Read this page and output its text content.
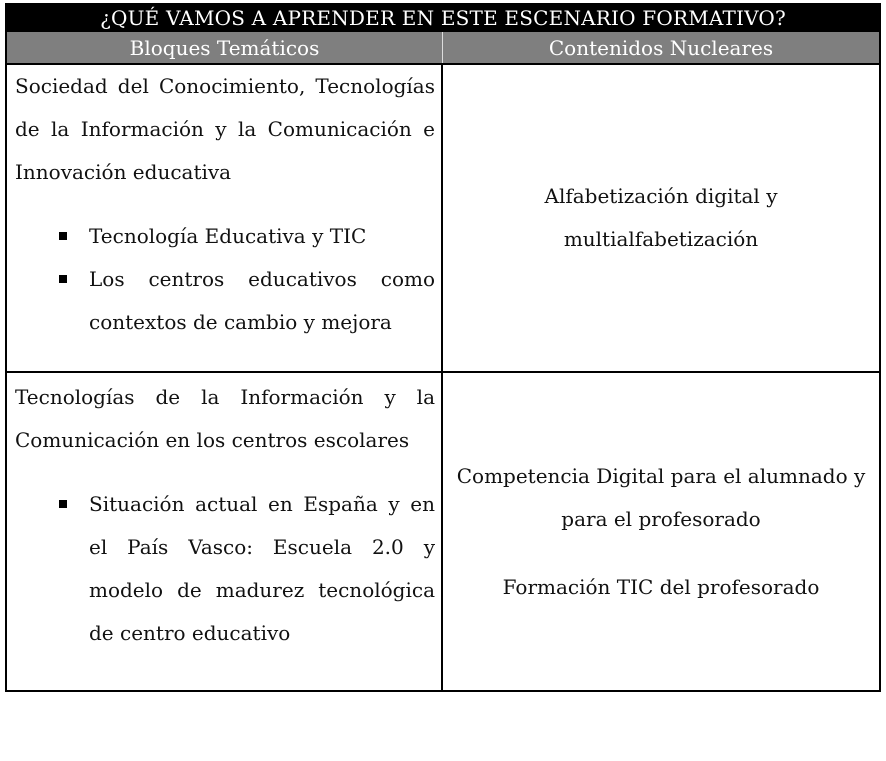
¿QUÉ VAMOS A APRENDER EN ESTE ESCENARIO FORMATIVO?
Bloques Temáticos	Contenidos Nucleares
Sociedad del Conocimiento, Tecnologías de la Información y la Comunicación e Innovación educativa
Tecnología Educativa y TIC
Los centros educativos como contextos de cambio y mejora
Alfabetización digital y
multialfabetización
Tecnologías de la Información y la Comunicación en los centros escolares
Situación actual en España y en el País Vasco: Escuela 2.0 y modelo de madurez tecnológica de centro educativo
Competencia Digital para el alumnado y
para el profesorado
Formación TIC del profesorado
